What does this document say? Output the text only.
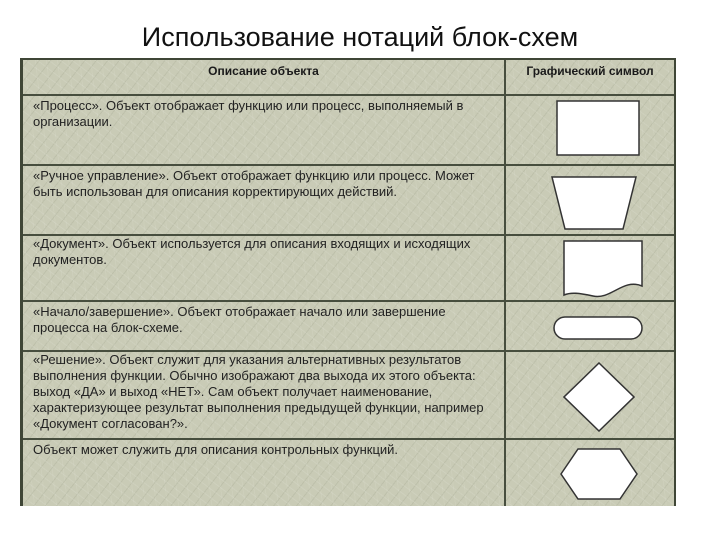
Использование нотаций блок-схем
Описание объекта	Графический символ
«Процесс». Объект отображает функцию или процесс, выполняемый в организации.
«Ручное управление». Объект отображает функцию или процесс. Может быть использован для описания корректирующих действий.
«Документ». Объект используется для описания входящих и исходящих документов.
«Начало/завершение». Объект отображает начало или завершение процесса на блок-схеме.
«Решение». Объект служит для указания альтернативных результатов выполнения функции. Обычно изображают два выхода их этого объекта: выход «ДА» и выход «НЕТ». Сам объект получает наименование, характеризующее результат выполнения предыдущей функции, например «Документ согласован?».
Объект может служить для описания контрольных функций.
